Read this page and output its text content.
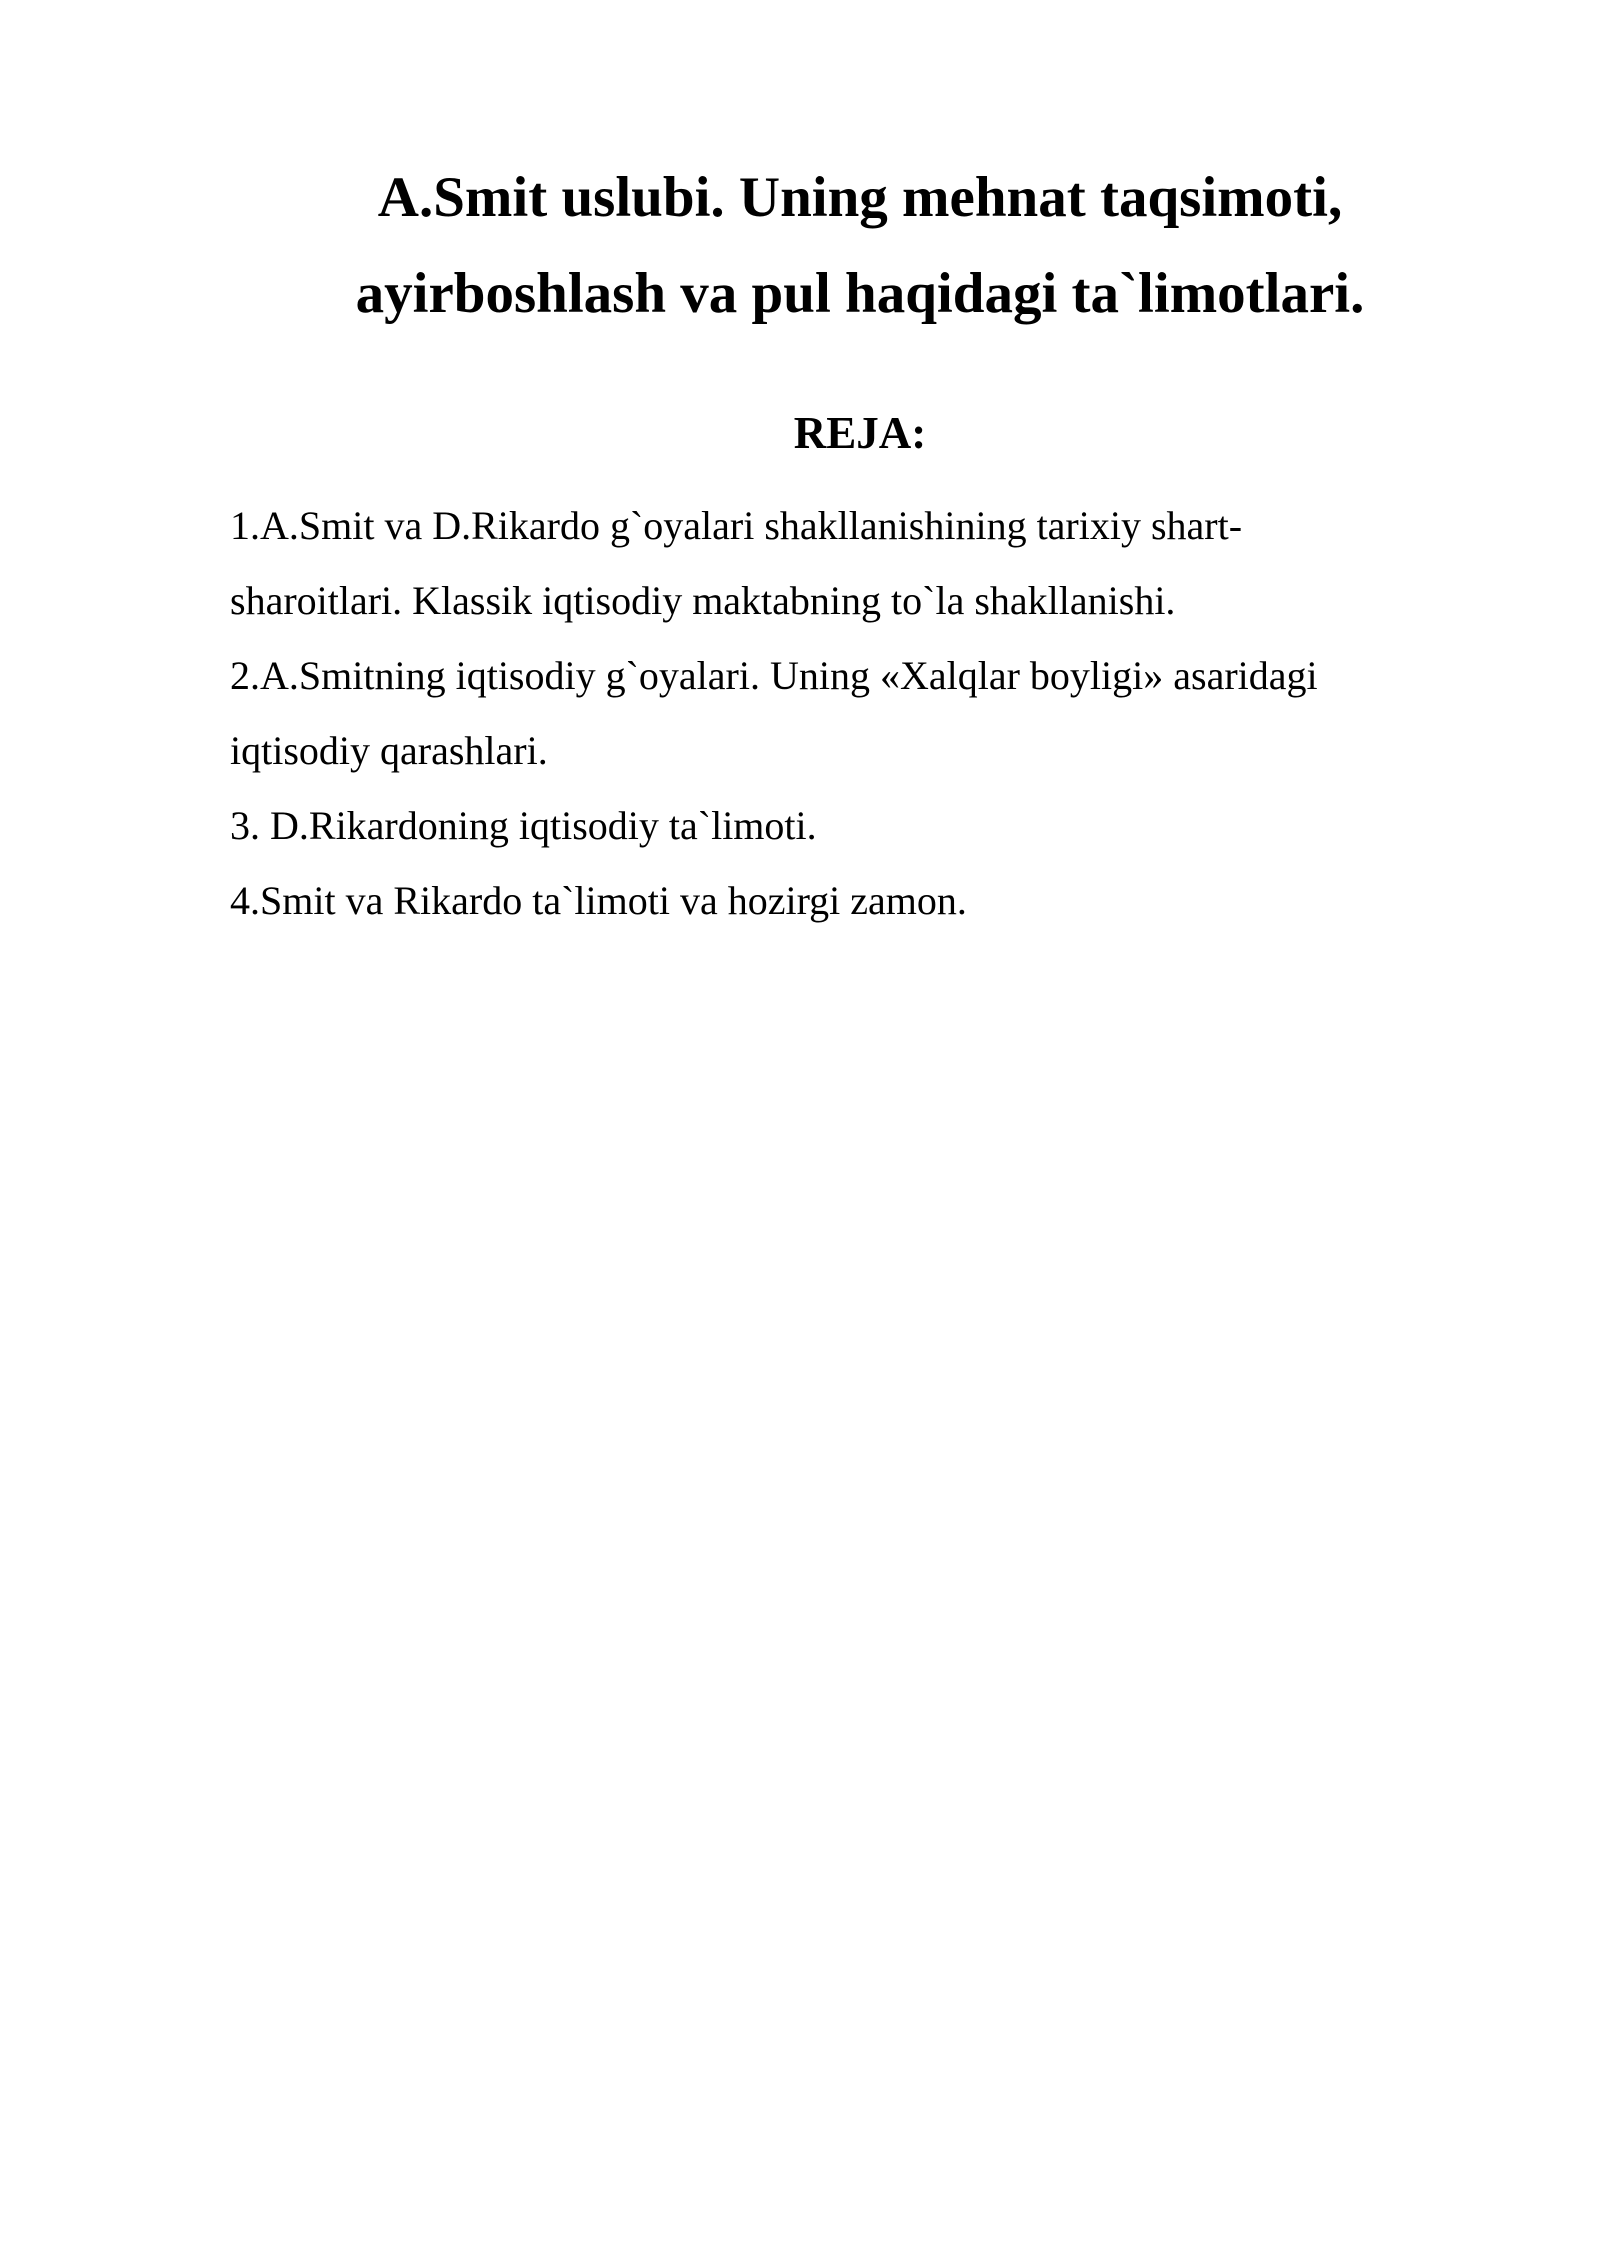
A.Smit uslubi. Uning mehnat taqsimoti,
ayirboshlash va pul haqidagi ta`limotlari.
REJA:
1.A.Smit va D.Rikardo g`oyalari shakllanishining tarixiy shart-
sharoitlari. Klassik iqtisodiy maktabning to`la shakllanishi.
2.A.Smitning iqtisodiy g`oyalari. Uning «Xalqlar boyligi» asaridagi
iqtisodiy qarashlari.
3. D.Rikardoning iqtisodiy ta`limoti.
4.Smit va Rikardo ta`limoti va hozirgi zamon.
